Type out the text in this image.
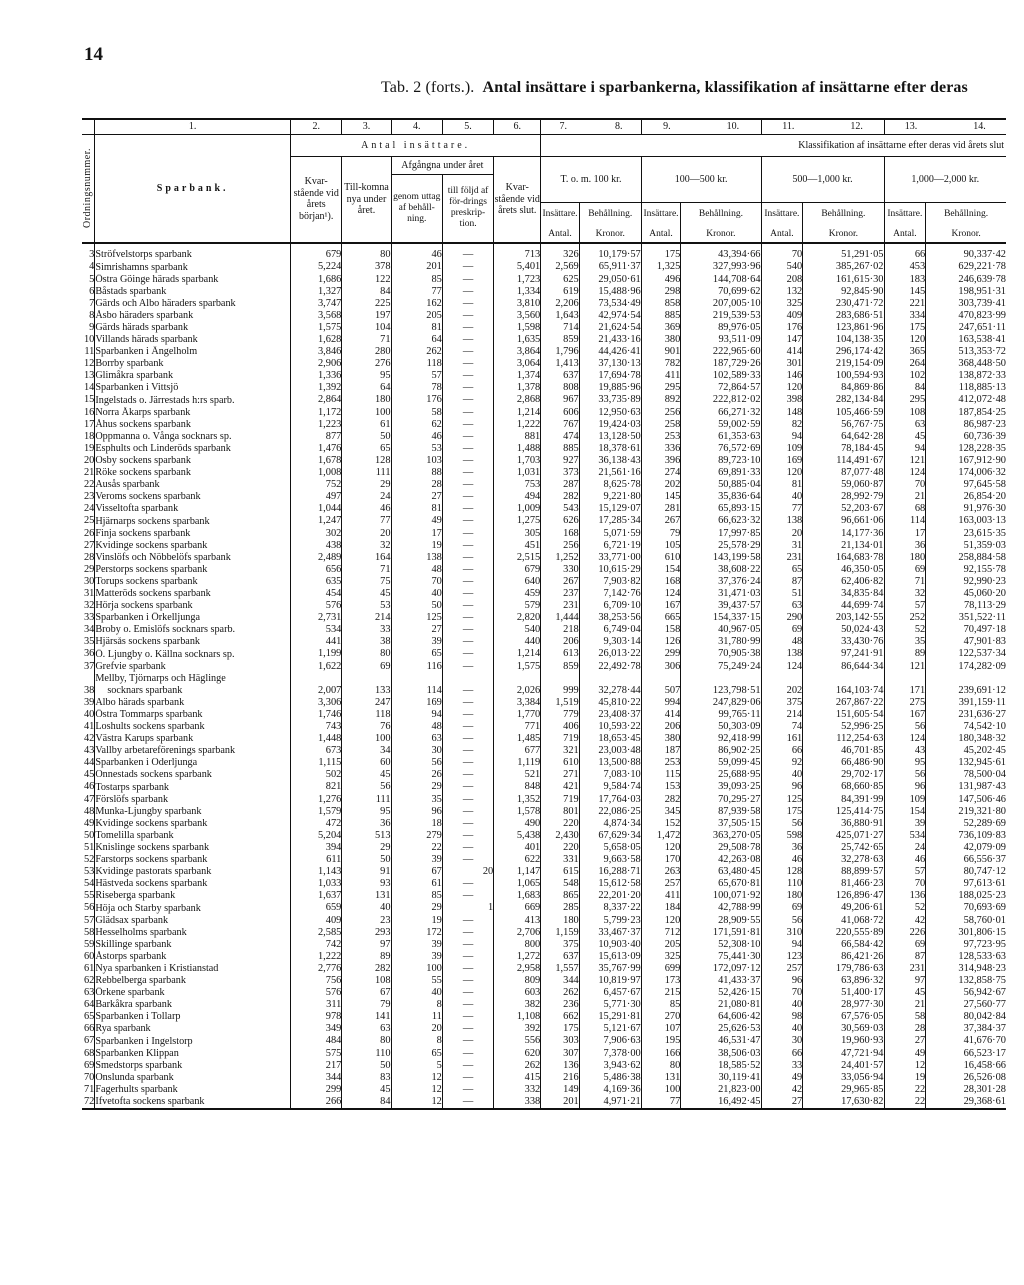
14
Tab. 2 (forts.). Antal insättare i sparbankerna, klassifikation af insättarne efter deras
	1.	2.	3.	4.	5.	6.	7. 8.		9. 10.		11. 12.		13. 14.	

Ordningsnummer.	Sparbank.	Antal insättare.					Klassifikation af insättarne efter deras vid årets slut							
		Kvar-stående vid årets början¹).	Till-komna nya under året.	Afgångna under året		Kvar-stående vid årets slut.	T. o. m. 100 kr.		100—500 kr.		500—1,000 kr.		1,000—2,000 kr.	
				genom uttag af behåll-ning.	till följd af för-drings preskrip-tion.									
							Insättare.	Behållning.	Insättare.	Behållning.	Insättare.	Behållning.	Insättare.	Behållning.
							Antal.	Kronor.	Antal.	Kronor.	Antal.	Kronor.	Antal.	Kronor.
3	Ströfvelstorps sparbank	679	80	46	—	713	326	10,179·57	175	43,394·66	70	51,291·05	66	90,337·42
4	Simrishamns sparbank	5,224	378	201	—	5,401	2,569	65,911·37	1,325	327,993·96	540	385,267·02	453	629,221·78
5	Östra Göinge härads sparbank	1,686	122	85	—	1,723	625	29,050·61	496	144,708·64	208	161,615·30	183	246,639·78
6	Båstads sparbank	1,327	84	77	—	1,334	619	15,488·96	298	70,699·62	132	92,845·90	145	198,951·31
7	Gärds och Albo häraders sparbank	3,747	225	162	—	3,810	2,206	73,534·49	858	207,005·10	325	230,471·72	221	303,739·41
8	Åsbo häraders sparbank	3,568	197	205	—	3,560	1,643	42,974·54	885	219,539·53	409	283,686·51	334	470,823·99
9	Gärds härads sparbank	1,575	104	81	—	1,598	714	21,624·54	369	89,976·05	176	123,861·96	175	247,651·11
10	Villands härads sparbank	1,628	71	64	—	1,635	859	21,433·16	380	93,511·09	147	104,138·35	120	163,538·41
11	Sparbanken i Ängelholm	3,846	280	262	—	3,864	1,796	44,426·41	901	222,965·60	414	296,174·42	365	513,353·72
12	Borrby sparbank	2,906	276	118	—	3,064	1,413	37,130·13	782	187,729·26	301	219,154·09	264	368,448·50
13	Glimåkra sparbank	1,336	95	57	—	1,374	637	17,694·78	411	102,589·33	146	100,594·93	102	138,872·33
14	Sparbanken i Vittsjö	1,392	64	78	—	1,378	808	19,885·96	295	72,864·57	120	84,869·86	84	118,885·13
15	Ingelstads o. Järrestads h:rs sparb.	2,864	180	176	—	2,868	967	33,735·89	892	222,812·02	398	282,134·84	295	412,072·48
16	Norra Åkarps sparbank	1,172	100	58	—	1,214	606	12,950·63	256	66,271·32	148	105,466·59	108	187,854·25
17	Åhus sockens sparbank	1,223	61	62	—	1,222	767	19,424·03	258	59,002·59	82	56,767·75	63	86,987·23
18	Oppmanna o. Vånga socknars sp.	877	50	46	—	881	474	13,128·50	253	61,353·63	94	64,642·28	45	60,736·39
19	Esphults och Linderöds sparbank	1,476	65	53	—	1,488	885	18,378·61	336	76,572·69	109	78,184·45	94	128,228·35
20	Osby sockens sparbank	1,678	128	103	—	1,703	927	36,138·43	396	89,723·10	169	114,491·67	121	167,912·90
21	Röke sockens sparbank	1,008	111	88	—	1,031	373	21,561·16	274	69,891·33	120	87,077·48	124	174,006·32
22	Ausås sparbank	752	29	28	—	753	287	8,625·78	202	50,885·04	81	59,060·87	70	97,645·58
23	Veroms sockens sparbank	497	24	27	—	494	282	9,221·80	145	35,836·64	40	28,992·79	21	26,854·20
24	Visseltofta sparbank	1,044	46	81	—	1,009	543	15,129·07	281	65,893·15	77	52,203·67	68	91,976·30
25	Hjärnarps sockens sparbank	1,247	77	49	—	1,275	626	17,285·34	267	66,623·32	138	96,661·06	114	163,003·13
26	Finja sockens sparbank	302	20	17	—	305	168	5,071·59	79	17,997·85	20	14,177·36	17	23,615·35
27	Kvidinge sockens sparbank	438	32	19	—	451	256	6,721·19	105	25,578·29	31	21,134·01	36	51,359·03
28	Vinslöfs och Nöbbelöfs sparbank	2,489	164	138	—	2,515	1,252	33,771·00	610	143,199·58	231	164,683·78	180	258,884·58
29	Perstorps sockens sparbank	656	71	48	—	679	330	10,615·29	154	38,608·22	65	46,350·05	69	92,155·78
30	Torups sockens sparbank	635	75	70	—	640	267	7,903·82	168	37,376·24	87	62,406·82	71	92,990·23
31	Matteröds sockens sparbank	454	45	40	—	459	237	7,142·76	124	31,471·03	51	34,835·84	32	45,060·20
32	Hörja sockens sparbank	576	53	50	—	579	231	6,709·10	167	39,437·57	63	44,699·74	57	78,113·29
33	Sparbanken i Örkelljunga	2,731	214	125	—	2,820	1,444	38,253·56	665	154,337·15	290	203,142·55	252	351,522·11
34	Broby o. Emislöfs socknars sparb.	534	33	27	—	540	218	6,749·04	158	40,967·05	69	50,024·43	52	70,497·18
35	Hjärsås sockens sparbank	441	38	39	—	440	206	9,303·14	126	31,780·99	48	33,430·76	35	47,901·83
36	Ö. Ljungby o. Källna socknars sp.	1,199	80	65	—	1,214	613	26,013·22	299	70,905·38	138	97,241·91	89	122,537·34
37	Grefvie sparbank	1,622	69	116	—	1,575	859	22,492·78	306	75,249·24	124	86,644·34	121	174,282·09
	Mellby, Tjörnarps och Häglinge													
38	socknars sparbank	2,007	133	114	—	2,026	999	32,278·44	507	123,798·51	202	164,103·74	171	239,691·12
39	Albo härads sparbank	3,306	247	169	—	3,384	1,519	45,810·22	994	247,829·06	375	267,867·22	275	391,159·11
40	Östra Tommarps sparbank	1,746	118	94	—	1,770	779	23,408·37	414	99,765·11	214	151,605·54	167	231,636·27
41	Loshults sockens sparbank	743	76	48	—	771	406	10,593·22	206	50,303·09	74	52,996·25	56	74,542·10
42	Västra Karups sparbank	1,448	100	63	—	1,485	719	18,653·45	380	92,418·99	161	112,254·63	124	180,348·32
43	Vallby arbetareförenings sparbank	673	34	30	—	677	321	23,003·48	187	86,902·25	66	46,701·85	43	45,202·45
44	Sparbanken i Oderljunga	1,115	60	56	—	1,119	610	13,500·88	253	59,099·45	92	66,486·90	95	132,945·61
45	Onnestads sockens sparbank	502	45	26	—	521	271	7,083·10	115	25,688·95	40	29,702·17	56	78,500·04
46	Tostarps sparbank	821	56	29	—	848	421	9,584·74	153	39,093·25	96	68,660·85	96	131,987·43
47	Förslöfs sparbank	1,276	111	35	—	1,352	719	17,764·03	282	70,295·27	125	84,391·99	109	147,506·46
48	Munka-Ljungby sparbank	1,579	95	96	—	1,578	801	22,086·25	345	87,939·58	175	125,414·75	154	219,321·80
49	Kvidinge sockens sparbank	472	36	18	—	490	220	4,874·34	152	37,505·15	56	36,880·91	39	52,289·69
50	Tomelilla sparbank	5,204	513	279	—	5,438	2,430	67,629·34	1,472	363,270·05	598	425,071·27	534	736,109·83
51	Knislinge sockens sparbank	394	29	22	—	401	220	5,658·05	120	29,508·78	36	25,742·65	24	42,079·09
52	Farstorps sockens sparbank	611	50	39	—	622	331	9,663·58	170	42,263·08	46	32,278·63	46	66,556·37
53	Kvidinge pastorats sparbank	1,143	91	67	20	1,147	615	16,288·71	263	63,480·45	128	88,899·57	57	80,747·12
54	Hästveda sockens sparbank	1,033	93	61	—	1,065	548	15,612·58	257	65,670·81	110	81,466·23	70	97,613·61
55	Riseberga sparbank	1,637	131	85	—	1,683	865	22,201·20	411	100,071·92	180	126,896·47	136	188,025·23
56	Höja och Starby sparbank	659	40	29	1	669	285	8,337·22	184	42,788·99	69	49,206·61	52	70,693·69
57	Glädsax sparbank	409	23	19	—	413	180	5,799·23	120	28,909·55	56	41,068·72	42	58,760·01
58	Hesselholms sparbank	2,585	293	172	—	2,706	1,159	33,467·37	712	171,591·81	310	220,555·89	226	301,806·15
59	Skillinge sparbank	742	97	39	—	800	375	10,903·40	205	52,308·10	94	66,584·42	69	97,723·95
60	Åstorps sparbank	1,222	89	39	—	1,272	637	15,613·09	325	75,441·30	123	86,421·26	87	128,533·63
61	Nya sparbanken i Kristianstad	2,776	282	100	—	2,958	1,557	35,767·99	699	172,097·12	257	179,786·63	231	314,948·23
62	Rebbelberga sparbank	756	108	55	—	809	344	10,819·97	173	41,433·37	96	63,896·32	97	132,858·75
63	Örkene sparbank	576	67	40	—	603	262	6,457·67	215	52,426·15	70	51,400·17	45	56,942·67
64	Barkåkra sparbank	311	79	8	—	382	236	5,771·30	85	21,080·81	40	28,977·30	21	27,560·77
65	Sparbanken i Tollarp	978	141	11	—	1,108	662	15,291·81	270	64,606·42	98	67,576·05	58	80,042·84
66	Rya sparbank	349	63	20	—	392	175	5,121·67	107	25,626·53	40	30,569·03	28	37,384·37
67	Sparbanken i Ingelstorp	484	80	8	—	556	303	7,906·63	195	46,531·47	30	19,960·93	27	41,676·70
68	Sparbanken Klippan	575	110	65	—	620	307	7,378·00	166	38,506·03	66	47,721·94	49	66,523·17
69	Smedstorps sparbank	217	50	5	—	262	136	3,943·62	80	18,585·52	33	24,401·57	12	16,458·66
70	Onslunda sparbank	344	83	12	—	415	216	5,486·38	131	30,119·41	49	33,056·94	19	26,526·08
71	Fagerhults sparbank	299	45	12	—	332	149	4,169·36	100	21,823·00	42	29,965·85	22	28,301·28
72	Ifvetofta sockens sparbank	266	84	12	—	338	201	4,971·21	77	16,492·45	27	17,630·82	22	29,368·61
